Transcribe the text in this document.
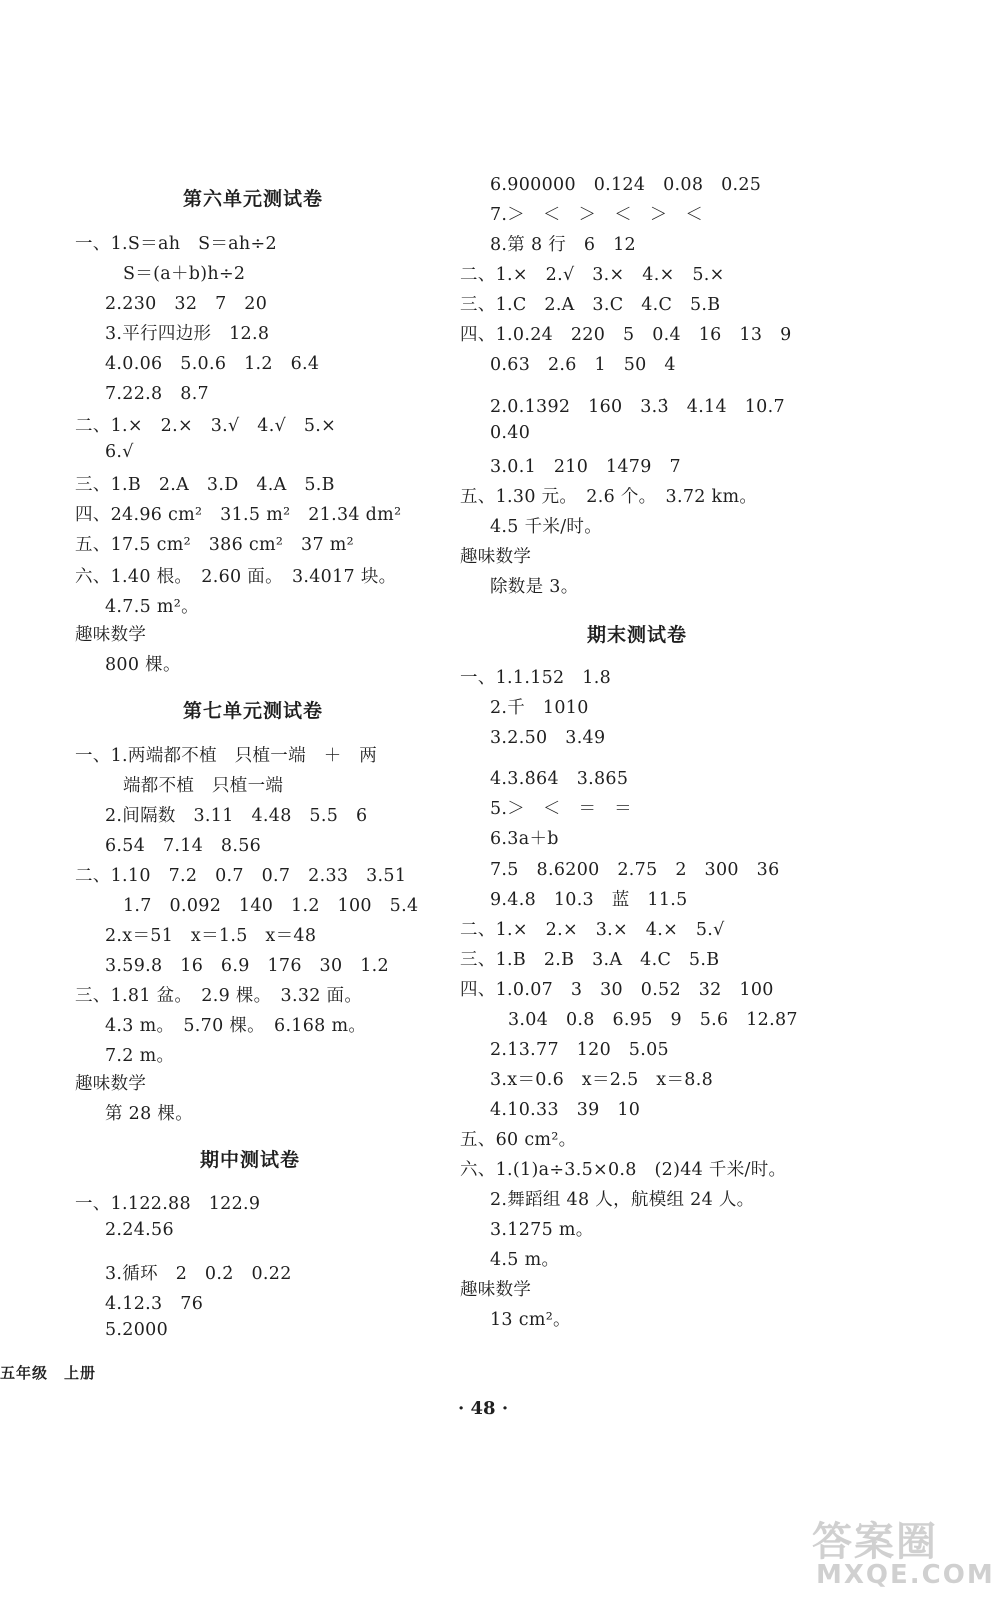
第六单元测试卷
一、1.S＝ah　S＝ah÷2
S＝(a＋b)h÷2
2.230　32　7　20
3.平行四边形　12.8
4.0.06　5.0.6　1.2　6.4
7.22.8　8.7
二、1.×　2.×　3.√　4.√　5.×
6.√
三、1.B　2.A　3.D　4.A　5.B
四、24.96 cm²　31.5 m²　21.34 dm²
五、17.5 cm²　386 cm²　37 m²
六、1.40 根。　2.60 面。　3.4017 块。
4.7.5 m²。
趣味数学
800 棵。
第七单元测试卷
一、1.两端都不植　只植一端　＋　两
端都不植　只植一端
2.间隔数　3.11　4.48　5.5　6
6.54　7.14　8.56
二、1.10　7.2　0.7　0.7　2.33　3.51
1.7　0.092　140　1.2　100　5.4
2.x＝51　x＝1.5　x＝48
3.59.8　16　6.9　176　30　1.2
三、1.81 盆。　2.9 棵。　3.32 面。
4.3 m。　5.70 棵。　6.168 m。
7.2 m。
趣味数学
第 28 棵。
期中测试卷
一、1.122.88　122.9
2.24.56
3.循环　2　0.2̇　0.22
4.12.3　76
5.2000
6.900000　0.124　0.08　0.25
7.＞　＜　＞　＜　＞　＜
8.第 8 行　6　12
二、1.×　2.√　3.×　4.×　5.×
三、1.C　2.A　3.C　4.C　5.B
四、1.0.24　220　5　0.4　16　13　9
0.63　2.6　1　50　4
2.0.1392　160　3.3̇　4.14　10.7
0.40
3.0.1　210　1479　7
五、1.30 元。　2.6 个。　3.72 km。
4.5 千米/时。
趣味数学
除数是 3。
期末测试卷
一、1.1.152　1.8
2.千　1010
3.2.50　3.49
4.3.8̇64̇　3.865
5.＞　＜　＝　＝
6.3a＋b
7.5　8.6200　2.75　2　300　36
9.4.8　10.3　蓝　11.5
二、1.×　2.×　3.×　4.×　5.√
三、1.B　2.B　3.A　4.C　5.B
四、1.0.07　3　30　0.52　32　100
3.04　0.8　6.95　9　5.6　12.87
2.13.77　120　5.05
3.x＝0.6　x＝2.5　x＝8.8
4.10.33　39　10
五、60 cm²。
六、1.(1)a÷3.5×0.8　(2)44 千米/时。
2.舞蹈组 48 人，航模组 24 人。
3.1275 m。
4.5 m。
趣味数学
13 cm²。
五年级　上册
· 48 ·
答案圈
MXQE.COM
